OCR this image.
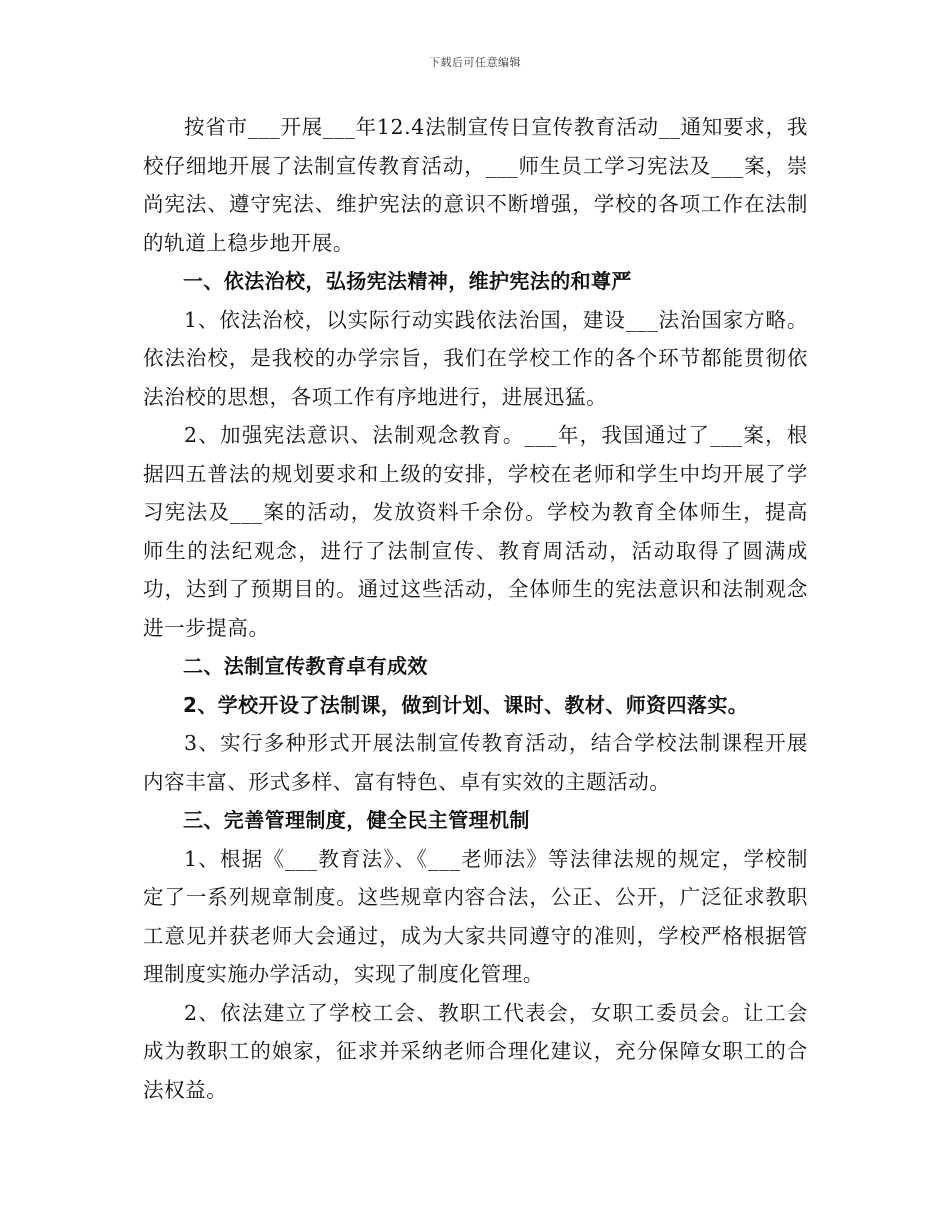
下载后可任意编辑

按省市___开展___年12.4法制宣传日宣传教育活动__通知要求，我校仔细地开展了法制宣传教育活动，___师生员工学习宪法及___案，崇尚宪法、遵守宪法、维护宪法的意识不断增强，学校的各项工作在法制的轨道上稳步地开展。

一、依法治校，弘扬宪法精神，维护宪法的和尊严

1、依法治校，以实际行动实践依法治国，建设___法治国家方略。依法治校，是我校的办学宗旨，我们在学校工作的各个环节都能贯彻依法治校的思想，各项工作有序地进行，进展迅猛。

2、加强宪法意识、法制观念教育。___年，我国通过了___案，根据四五普法的规划要求和上级的安排，学校在老师和学生中均开展了学习宪法及___案的活动，发放资料千余份。学校为教育全体师生，提高师生的法纪观念，进行了法制宣传、教育周活动，活动取得了圆满成功，达到了预期目的。通过这些活动，全体师生的宪法意识和法制观念进一步提高。

二、法制宣传教育卓有成效

2、学校开设了法制课，做到计划、课时、教材、师资四落实。

3、实行多种形式开展法制宣传教育活动，结合学校法制课程开展内容丰富、形式多样、富有特色、卓有实效的主题活动。

三、完善管理制度，健全民主管理机制

1、根据《___教育法》、《___老师法》等法律法规的规定，学校制定了一系列规章制度。这些规章内容合法，公正、公开，广泛征求教职工意见并获老师大会通过，成为大家共同遵守的准则，学校严格根据管理制度实施办学活动，实现了制度化管理。

2、依法建立了学校工会、教职工代表会，女职工委员会。让工会成为教职工的娘家，征求并采纳老师合理化建议，充分保障女职工的合法权益。
